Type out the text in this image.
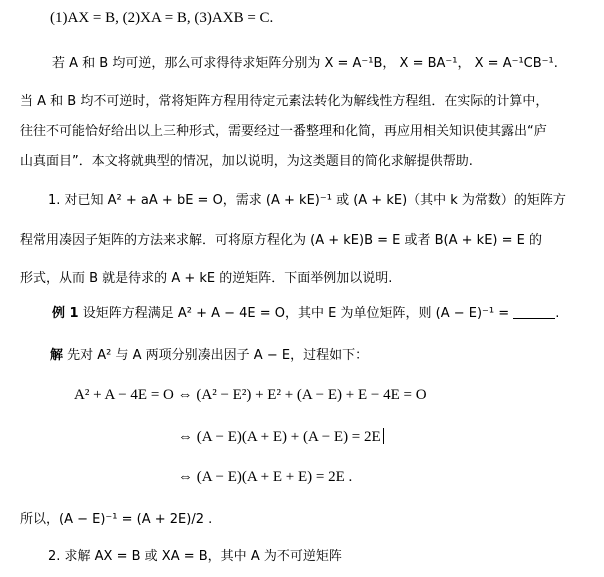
(1)AX = B, (2)XA = B, (3)AXB = C.
若 A 和 B 均可逆，那么可求得待求矩阵分别为 X = A⁻¹B， X = BA⁻¹， X = A⁻¹CB⁻¹.
当 A 和 B 均不可逆时，常将矩阵方程用待定元素法转化为解线性方程组．在实际的计算中，
往往不可能恰好给出以上三种形式，需要经过一番整理和化简，再应用相关知识使其露出“庐
山真面目”．本文将就典型的情况，加以说明，为这类题目的简化求解提供帮助.
1. 对已知 A² + aA + bE = O，需求 (A + kE)⁻¹ 或 (A + kE)（其中 k 为常数）的矩阵方
程常用凑因子矩阵的方法来求解．可将原方程化为 (A + kE)B = E 或者 B(A + kE) = E 的
形式，从而 B 就是待求的 A + kE 的逆矩阵．下面举例加以说明.
例 1 设矩阵方程满足 A² + A − 4E = O，其中 E 为单位矩阵，则 (A − E)⁻¹ =	.
解 先对 A² 与 A 两项分别凑出因子 A − E，过程如下：
A² + A − 4E = O ⇔ (A² − E²) + E² + (A − E) + E − 4E = O
⇔ (A − E)(A + E) + (A − E) = 2E
⇔ (A − E)(A + E + E) = 2E .
所以，(A − E)⁻¹ = (A + 2E)/2 .
2. 求解 AX = B 或 XA = B，其中 A 为不可逆矩阵
